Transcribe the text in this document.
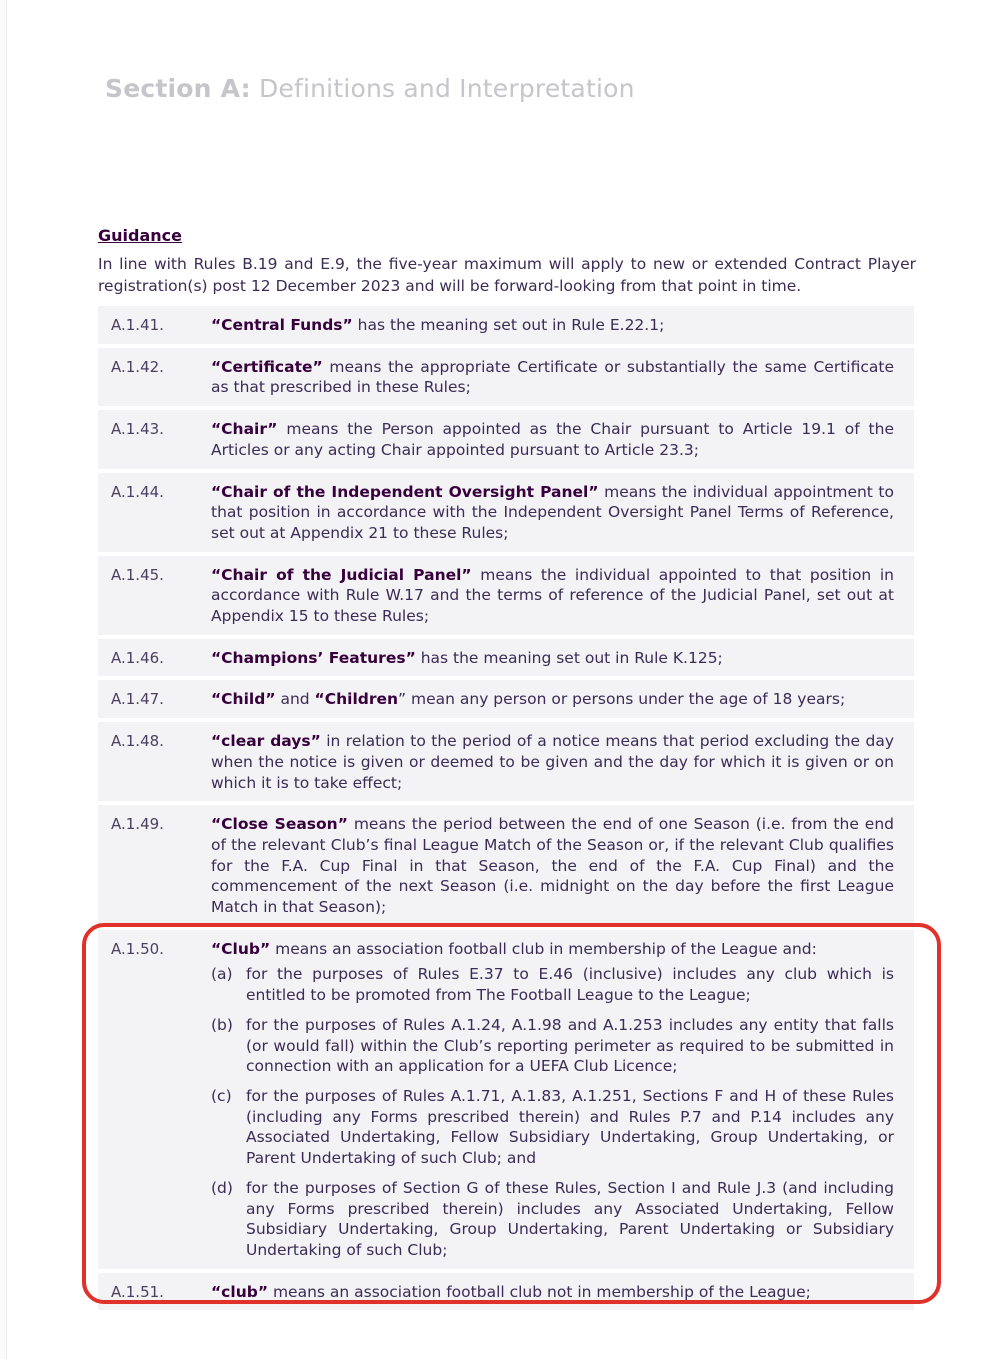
Section A: Definitions and Interpretation
Guidance
In line with Rules B.19 and E.9, the five-year maximum will apply to new or extended Contract Player registration(s) post 12 December 2023 and will be forward-looking from that point in time.
A.1.41.	“Central Funds” has the meaning set out in Rule E.22.1;
A.1.42.	“Certificate” means the appropriate Certificate or substantially the same Certificate as that prescribed in these Rules;
A.1.43.	“Chair” means the Person appointed as the Chair pursuant to Article 19.1 of the Articles or any acting Chair appointed pursuant to Article 23.3;
A.1.44.	“Chair of the Independent Oversight Panel” means the individual appointment to that position in accordance with the Independent Oversight Panel Terms of Reference, set out at Appendix 21 to these Rules;
A.1.45.	“Chair of the Judicial Panel” means the individual appointed to that position in accordance with Rule W.17 and the terms of reference of the Judicial Panel, set out at Appendix 15 to these Rules;
A.1.46.	“Champions’ Features” has the meaning set out in Rule K.125;
A.1.47.	“Child” and “Children” mean any person or persons under the age of 18 years;
A.1.48.	“clear days” in relation to the period of a notice means that period excluding the day when the notice is given or deemed to be given and the day for which it is given or on which it is to take effect;
A.1.49.	“Close Season” means the period between the end of one Season (i.e. from the end of the relevant Club’s final League Match of the Season or, if the relevant Club qualifies for the F.A. Cup Final in that Season, the end of the F.A. Cup Final) and the commencement of the next Season (i.e. midnight on the day before the first League Match in that Season);
A.1.50.	“Club” means an association football club in membership of the League and:
(a) for the purposes of Rules E.37 to E.46 (inclusive) includes any club which is entitled to be promoted from The Football League to the League;
(b) for the purposes of Rules A.1.24, A.1.98 and A.1.253 includes any entity that falls (or would fall) within the Club’s reporting perimeter as required to be submitted in connection with an application for a UEFA Club Licence;
(c) for the purposes of Rules A.1.71, A.1.83, A.1.251, Sections F and H of these Rules (including any Forms prescribed therein) and Rules P.7 and P.14 includes any Associated Undertaking, Fellow Subsidiary Undertaking, Group Undertaking, or Parent Undertaking of such Club; and
(d) for the purposes of Section G of these Rules, Section I and Rule J.3 (and including any Forms prescribed therein) includes any Associated Undertaking, Fellow Subsidiary Undertaking, Group Undertaking, Parent Undertaking or Subsidiary Undertaking of such Club;
A.1.51.	“club” means an association football club not in membership of the League;
